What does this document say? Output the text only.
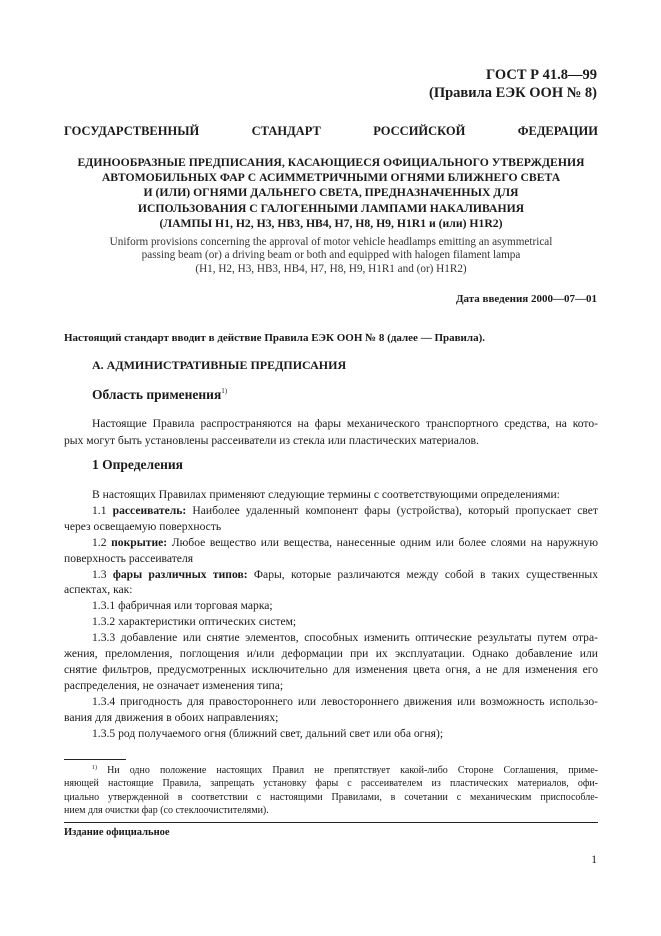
ГОСТ Р 41.8—99
(Правила ЕЭК ООН № 8)
ГОСУДАРСТВЕННЫЙ СТАНДАРТ РОССИЙСКОЙ ФЕДЕРАЦИИ
ЕДИНООБРАЗНЫЕ ПРЕДПИСАНИЯ, КАСАЮЩИЕСЯ ОФИЦИАЛЬНОГО УТВЕРЖДЕНИЯ
АВТОМОБИЛЬНЫХ ФАР С АСИММЕТРИЧНЫМИ ОГНЯМИ БЛИЖНЕГО СВЕТА
И (ИЛИ) ОГНЯМИ ДАЛЬНЕГО СВЕТА, ПРЕДНАЗНАЧЕННЫХ ДЛЯ
ИСПОЛЬЗОВАНИЯ С ГАЛОГЕННЫМИ ЛАМПАМИ НАКАЛИВАНИЯ
(ЛАМПЫ H1, H2, H3, HB3, HB4, H7, H8, H9, H1R1 и (или) H1R2)
Uniform provisions concerning the approval of motor vehicle headlamps emitting an asymmetrical
passing beam (or) a driving beam or both and equipped with halogen filament lampa
(H1, H2, H3, HB3, HB4, H7, H8, H9, H1R1 and (or) H1R2)
Дата введения 2000—07—01
Настоящий стандарт вводит в действие Правила ЕЭК ООН № 8 (далее — Правила).
А. АДМИНИСТРАТИВНЫЕ ПРЕДПИСАНИЯ
Область применения$^{1)}$
Настоящие Правила распространяются на фары механического транспортного средства, на кото-
рых могут быть установлены рассеиватели из стекла или пластических материалов.
1 Определения

В настоящих Правилах применяют следующие термины с соответствующими определениями:

1.1 рассеиватель: Наиболее удаленный компонент фары (устройства), который пропускает свет

через освещаемую поверхность

1.2 покрытие: Любое вещество или вещества, нанесенные одним или более слоями на наружную

поверхность рассеивателя

1.3 фары различных типов: Фары, которые различаются между собой в таких существенных

аспектах, как:

1.3.1 фабричная или торговая марка;

1.3.2 характеристики оптических систем;

1.3.3 добавление или снятие элементов, способных изменить оптические результаты путем отра-

жения, преломления, поглощения и/или деформации при их эксплуатации. Однако добавление или

снятие фильтров, предусмотренных исключительно для изменения цвета огня, а не для изменения его

распределения, не означает изменения типа;

1.3.4 пригодность для правостороннего или левостороннего движения или возможность использо-

вания для движения в обоих направлениях;

1.3.5 род получаемого огня (ближний свет, дальний свет или оба огня);

$^{1)}$ Ни одно положение настоящих Правил не препятствует какой-либо Стороне Соглашения, приме-
няющей настоящие Правила, запрещать установку фары с рассеивателем из пластических материалов, офи-
циально утвержденной в соответствии с настоящими Правилами, в сочетании с механическим приспособле-
нием для очистки фар (со стеклоочистителями).
Издание официальное
1
